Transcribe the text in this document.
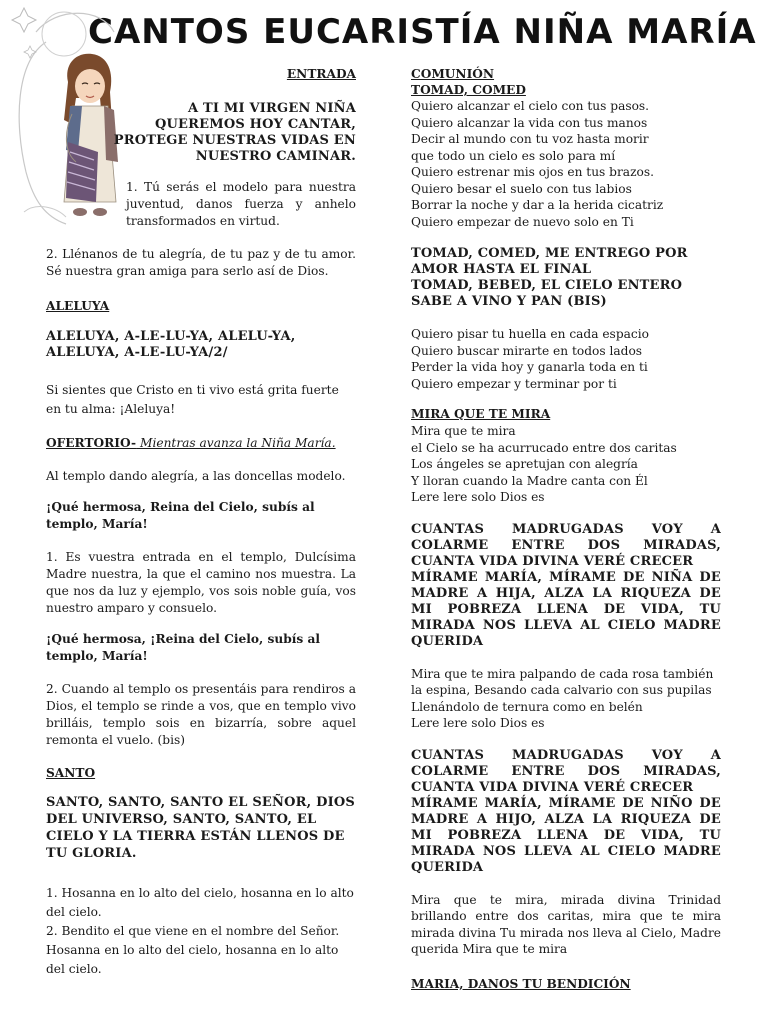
CANTOS EUCARISTÍA NIÑA MARÍA

ENTRADA

A TI MI VIRGEN NIÑA QUEREMOS HOY CANTAR, PROTEGE NUESTRAS VIDAS EN NUESTRO CAMINAR.

1. Tú serás el modelo para nuestra juventud, danos fuerza y anhelo transformados en virtud.

2. Llénanos de tu alegría, de tu paz y de tu amor. Sé nuestra gran amiga para serlo así de Dios.

ALELUYA

ALELUYA, A-LE-LU-YA, ALELU-YA, ALELUYA, A-LE-LU-YA/2/

Si sientes que Cristo en ti vivo está grita fuerte en tu alma: ¡Aleluya!

OFERTORIO- Mientras avanza la Niña María.

Al templo dando alegría, a las doncellas modelo.

¡Qué hermosa, Reina del Cielo, subís al templo, María!

1. Es vuestra entrada en el templo, Dulcísima Madre nuestra, la que el camino nos muestra. La que nos da luz y ejemplo, vos sois noble guía, vos nuestro amparo y consuelo.

¡Qué hermosa, ¡Reina del Cielo, subís al templo, María!

2. Cuando al templo os presentáis para rendiros a Dios, el templo se rinde a vos, que en templo vivo brilláis, templo sois en bizarría, sobre aquel remonta el vuelo. (bis)

SANTO

SANTO, SANTO, SANTO EL SEÑOR, DIOS DEL UNIVERSO, SANTO, SANTO, EL CIELO Y LA TIERRA ESTÁN LLENOS DE TU GLORIA.

1. Hosanna en lo alto del cielo, hosanna en lo alto del cielo.

2. Bendito el que viene en el nombre del Señor. Hosanna en lo alto del cielo, hosanna en lo alto del cielo.

COMUNIÓN

TOMAD, COMED

Quiero alcanzar el cielo con tus pasos.

Quiero alcanzar la vida con tus manos

Decir al mundo con tu voz hasta morir

que todo un cielo es solo para mí

Quiero estrenar mis ojos en tus brazos.

Quiero besar el suelo con tus labios

Borrar la noche y dar a la herida cicatriz

Quiero empezar de nuevo solo en Ti

TOMAD, COMED, ME ENTREGO POR
AMOR HASTA EL FINAL
TOMAD, BEBED, EL CIELO ENTERO SABE A VINO Y PAN (BIS)

Quiero pisar tu huella en cada espacio

Quiero buscar mirarte en todos lados

Perder la vida hoy y ganarla toda en ti

Quiero empezar y terminar por ti

MIRA QUE TE MIRA

Mira que te mira

el Cielo se ha acurrucado entre dos caritas

Los ángeles se apretujan con alegría

Y lloran cuando la Madre canta con Él

Lere lere solo Dios es

CUANTAS MADRUGADAS VOY A COLARME ENTRE DOS MIRADAS, CUANTA VIDA DIVINA VERÉ CRECER

MÍRAME MARÍA, MÍRAME DE NIÑA DE MADRE A HIJA, ALZA LA RIQUEZA DE MI POBREZA LLENA DE VIDA, TU MIRADA NOS LLEVA AL CIELO MADRE QUERIDA

Mira que te mira palpando de cada rosa también la espina, Besando cada calvario con sus pupilas

Llenándolo de ternura como en belén

Lere lere solo Dios es

CUANTAS MADRUGADAS VOY A COLARME ENTRE DOS MIRADAS, CUANTA VIDA DIVINA VERÉ CRECER

MÍRAME MARÍA, MÍRAME DE NIÑO DE MADRE A HIJO, ALZA LA RIQUEZA DE MI POBREZA LLENA DE VIDA, TU MIRADA NOS LLEVA AL CIELO MADRE QUERIDA

Mira que te mira, mirada divina Trinidad brillando entre dos caritas, mira que te mira mirada divina Tu mirada nos lleva al Cielo, Madre querida Mira que te mira

MARIA, DANOS TU BENDICIÓN
